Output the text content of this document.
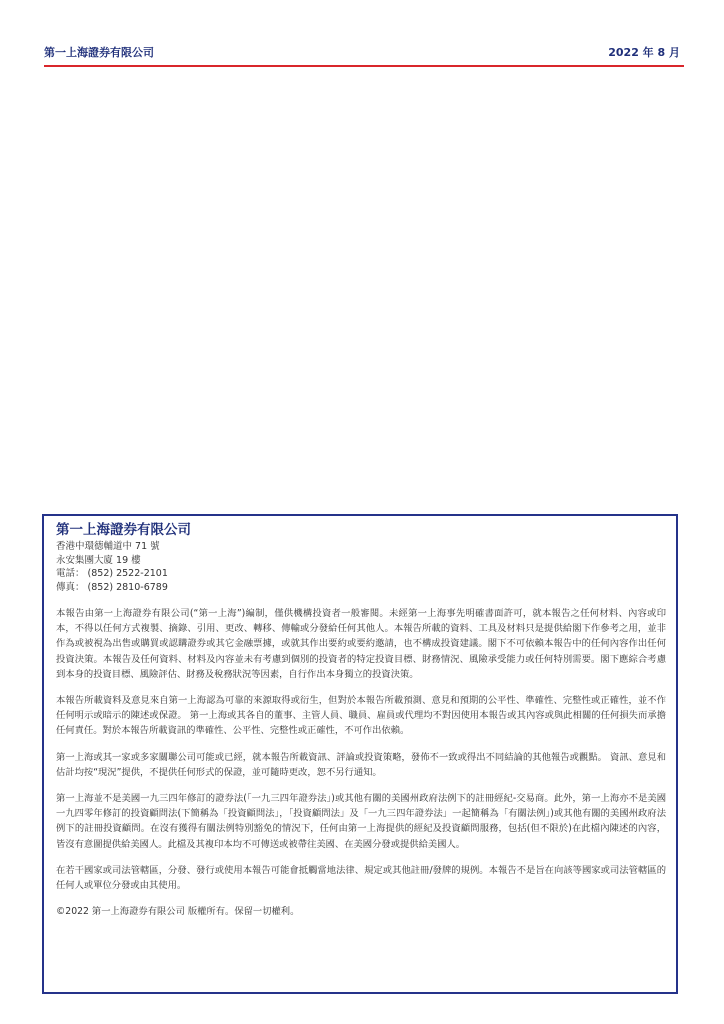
第一上海證券有限公司	2022 年 8 月
第一上海證券有限公司
香港中環德輔道中 71 號
永安集團大廈 19 樓
電話： (852) 2522-2101
傳真： (852) 2810-6789

本報告由第一上海證券有限公司(“第一上海”)編制，僅供機構投資者一般審閱。未經第一上海事先明確書面許可，就本報告之任何材料、內容或印本，不得以任何方式複製、摘錄、引用、更改、轉移、傳輸或分發給任何其他人。本報告所載的資料、工具及材料只是提供給閣下作參考之用，並非作為或被視為出售或購買或認購證券或其它金融票據，或就其作出要約或要約邀請，也不構成投資建議。閣下不可依賴本報告中的任何內容作出任何投資決策。本報告及任何資料、材料及內容並未有考慮到個別的投資者的特定投資目標、財務情況、風險承受能力或任何特別需要。閣下應綜合考慮到本身的投資目標、風險評估、財務及稅務狀況等因素，自行作出本身獨立的投資決策。

本報告所載資料及意見來自第一上海認為可靠的來源取得或衍生，但對於本報告所載預測、意見和預期的公平性、準確性、完整性或正確性，並不作任何明示或暗示的陳述或保證。 第一上海或其各自的董事、主管人員、職員、雇員或代理均不對因使用本報告或其內容或與此相關的任何損失而承擔任何責任。對於本報告所載資訊的準確性、公平性、完整性或正確性，不可作出依賴。

第一上海或其一家或多家關聯公司可能或已經，就本報告所載資訊、評論或投資策略，發佈不一致或得出不同結論的其他報告或觀點。 資訊、意見和估計均按“現況”提供，不提供任何形式的保證，並可隨時更改，恕不另行通知。

第一上海並不是美國一九三四年修訂的證券法(「一九三四年證券法」)或其他有關的美國州政府法例下的註冊經紀-交易商。此外，第一上海亦不是美國一九四零年修訂的投資顧問法(下簡稱為「投資顧問法」，「投資顧問法」及「一九三四年證券法」一起簡稱為「有關法例」)或其他有關的美國州政府法例下的註冊投資顧問。在沒有獲得有關法例特別豁免的情況下，任何由第一上海提供的經紀及投資顧問服務，包括(但不限於)在此檔內陳述的內容，皆沒有意圖提供給美國人。此檔及其複印本均不可傳送或被帶往美國、在美國分發或提供給美國人。

在若干國家或司法管轄區，分發、發行或使用本報告可能會抵觸當地法律、規定或其他註冊/發牌的規例。本報告不是旨在向該等國家或司法管轄區的任何人或單位分發或由其使用。

©2022 第一上海證券有限公司 版權所有。保留一切權利。
